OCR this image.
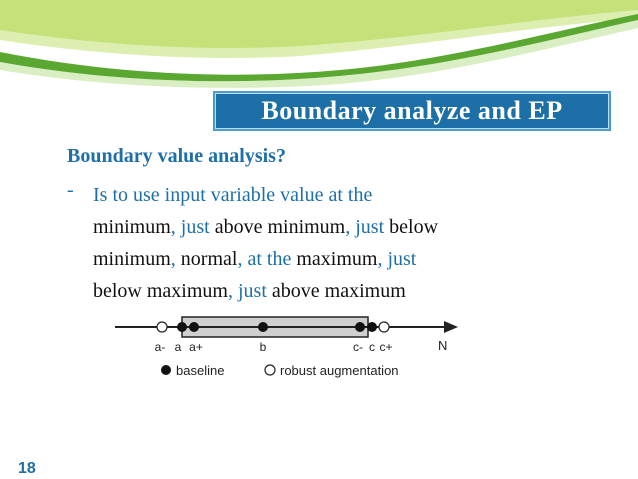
Boundary analyze and EP
Boundary value analysis?
- Is to use input variable value at the
minimum, just above minimum, just below
minimum, normal, at the maximum, just
below maximum, just above maximum
a- a a+	b	c- c c+	N
baseline	robust augmentation
18
